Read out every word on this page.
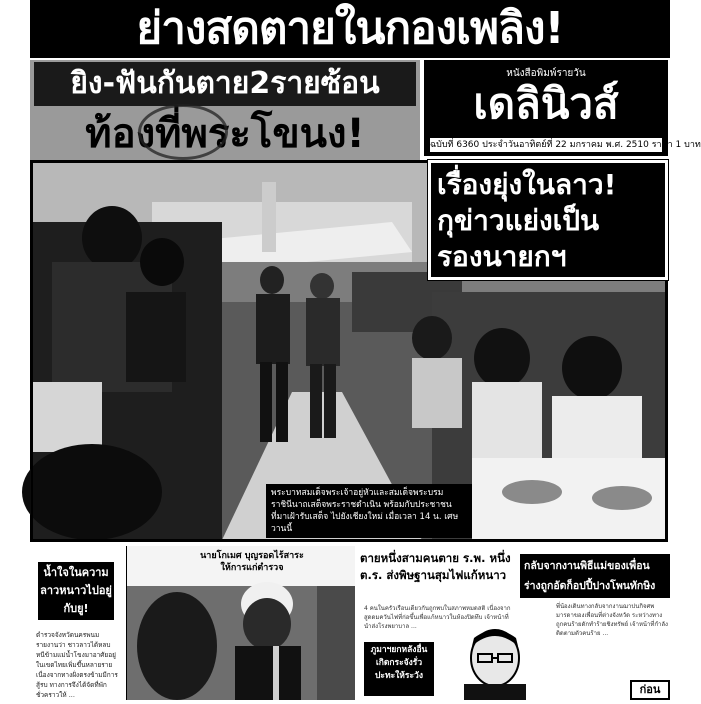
ย่างสดตายในกองเพลิง!
ยิง-ฟันกันตาย2รายซ้อน
ท้องที่พระโขนง!
หนังสือพิมพ์รายวัน
เดลินิวส์
ฉบับที่ 6360 ประจำวันอาทิตย์ที่ 22 มกราคม พ.ศ. 2510 ราคา 1 บาท
เรื่องยุ่งในลาว!
กุข่าวแย่งเป็น
รองนายกฯ
พระบาทสมเด็จพระเจ้าอยู่หัวและสมเด็จพระบรมราชินีนาถเสด็จพระราชดำเนิน พร้อมกับประชาชนที่มาเฝ้ารับเสด็จ ไปยังเชียงใหม่ เมื่อเวลา 14 น. เศษวานนี้
น้ำใจในความลาวหนาวไปอยู่กับยู!
ตำรวจจังหวัดนครพนมรายงานว่า ชาวลาวได้หลบหนีข้ามแม่น้ำโขงมาอาศัยอยู่ในเขตไทยเพิ่มขึ้นหลายราย เนื่องจากทางฝั่งตรงข้ามมีการสู้รบ ทางการจึงได้จัดที่พักชั่วคราวให้ ...
นายโกเมศ บุญรอดไร้สาระ ให้การแก่ตำรวจ
ตายหนึ่งสามคนตาย ร.พ. หนึ่ง ต.ร. ส่งพิษฐานสุมไฟแก้หนาว
กลับจากงานพิธีแม่ของเพื่อน ร่างถูกอัดก็อปปี้ปางโพนทักษิง
4 คนในครัวเรือนเดียวกันถูกพบในสภาพหมดสติ เนื่องจากสูดดมควันไฟที่ก่อขึ้นเพื่อแก้หนาวในห้องปิดทึบ เจ้าหน้าที่นำส่งโรงพยาบาล ...
ภูมาฯยกหลังอื่นเกิดกระจังรั่วปะทะให้ระวัง
พี่น้องเดินทางกลับจากงานฌาปนกิจศพมารดาของเพื่อนที่ต่างจังหวัด ระหว่างทางถูกคนร้ายดักทำร้ายชิงทรัพย์ เจ้าหน้าที่กำลังติดตามตัวคนร้าย ...
ก่อน
